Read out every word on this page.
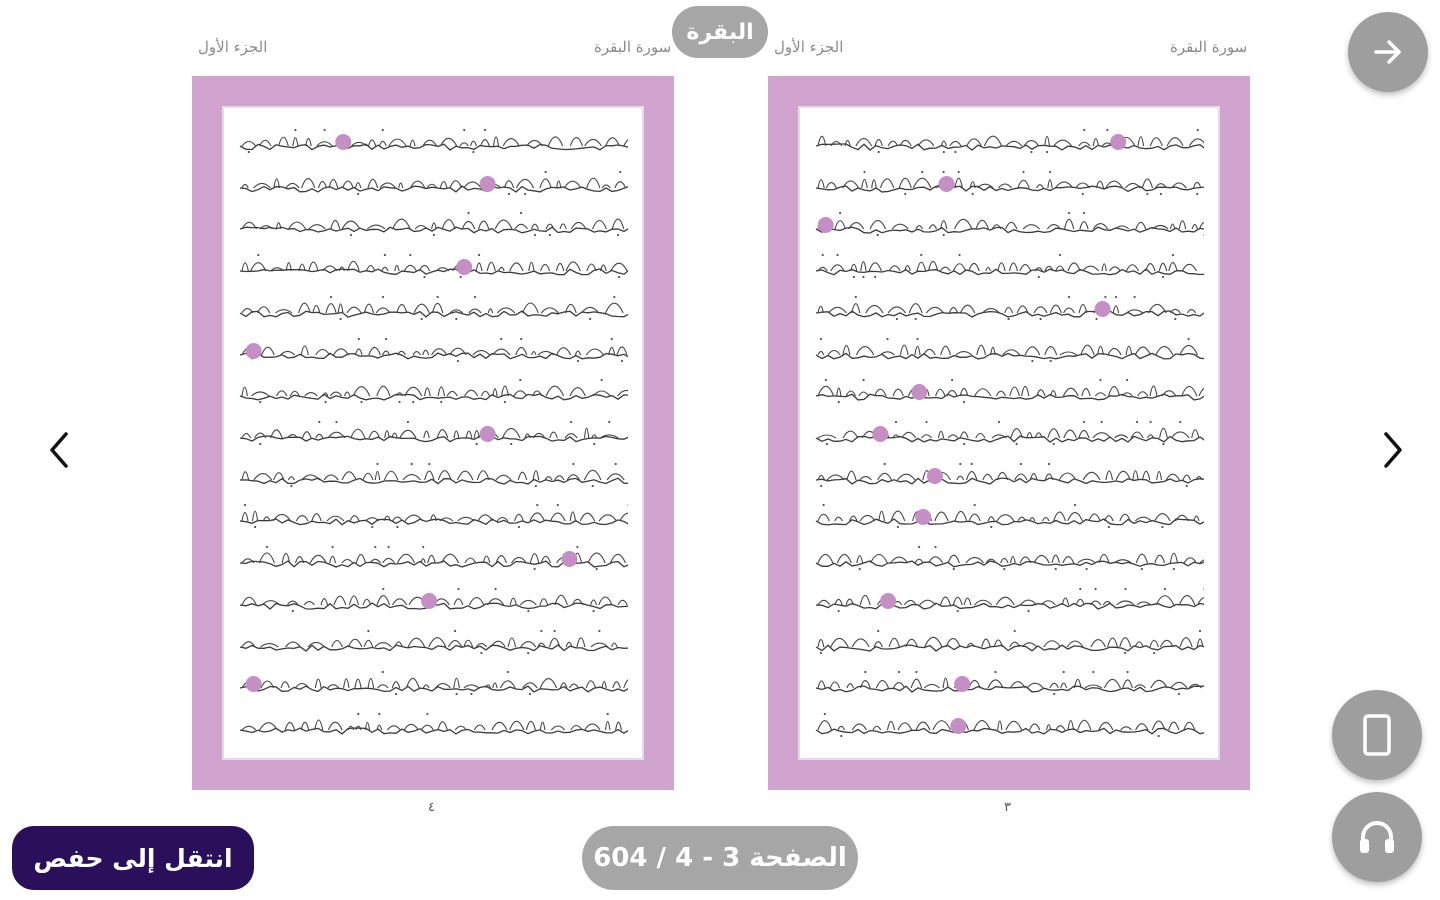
البقرة
الجزء الأول	سورة البقرة	الجزء الأول	سورة البقرة
٤	٣
الصفحة 3 - 4 / 604
انتقل إلى حفص
